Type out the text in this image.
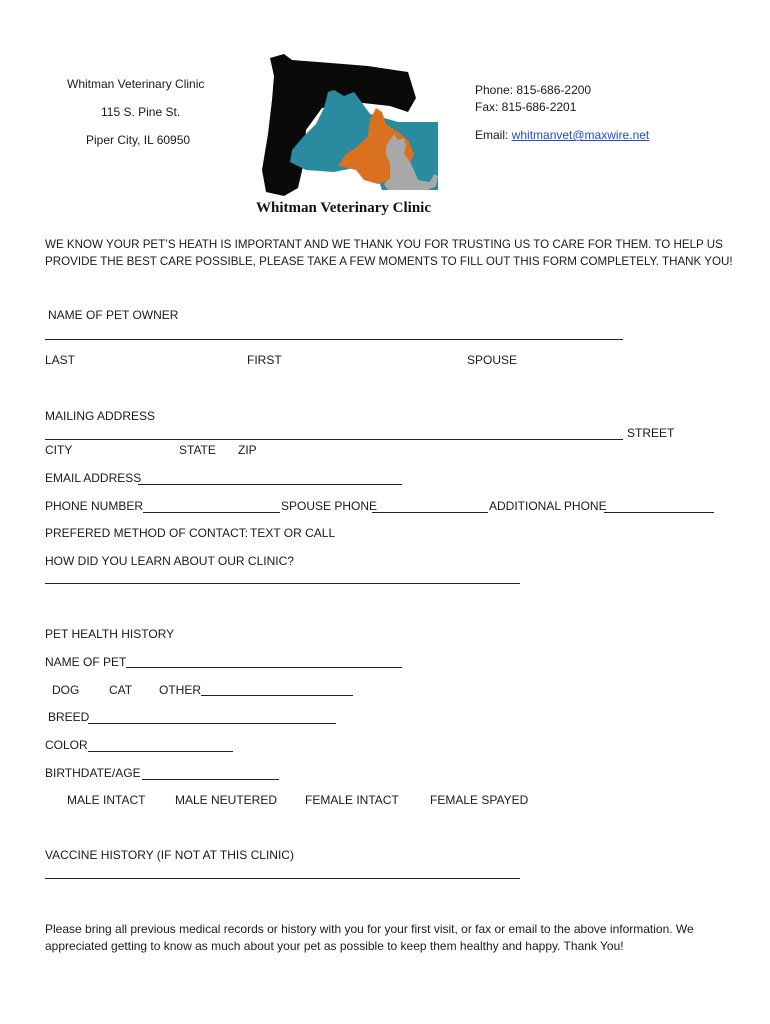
Whitman Veterinary Clinic
115 S. Pine St.
Piper City, IL 60950
Phone: 815-686-2200
Fax: 815-686-2201
Email: whitmanvet@maxwire.net
Whitman Veterinary Clinic
WE KNOW YOUR PET’S HEATH IS IMPORTANT AND WE THANK YOU FOR TRUSTING US TO CARE FOR THEM. TO HELP US PROVIDE THE BEST CARE POSSIBLE, PLEASE TAKE A FEW MOMENTS TO FILL OUT THIS FORM COMPLETELY. THANK YOU!
NAME OF PET OWNER
LAST	FIRST	SPOUSE
MAILING ADDRESS
STREET
CITY	STATE ZIP
EMAIL ADDRESS
PHONE NUMBER	SPOUSE PHONE	ADDITIONAL PHONE
PREFERED METHOD OF CONTACT: TEXT OR CALL
HOW DID YOU LEARN ABOUT OUR CLINIC?
PET HEALTH HISTORY
NAME OF PET
DOG CAT OTHER
BREED
COLOR
BIRTHDATE/AGE
MALE INTACT MALE NEUTERED FEMALE INTACT	FEMALE SPAYED
VACCINE HISTORY (IF NOT AT THIS CLINIC)
Please bring all previous medical records or history with you for your first visit, or fax or email to the above information. We appreciated getting to know as much about your pet as possible to keep them healthy and happy. Thank You!
